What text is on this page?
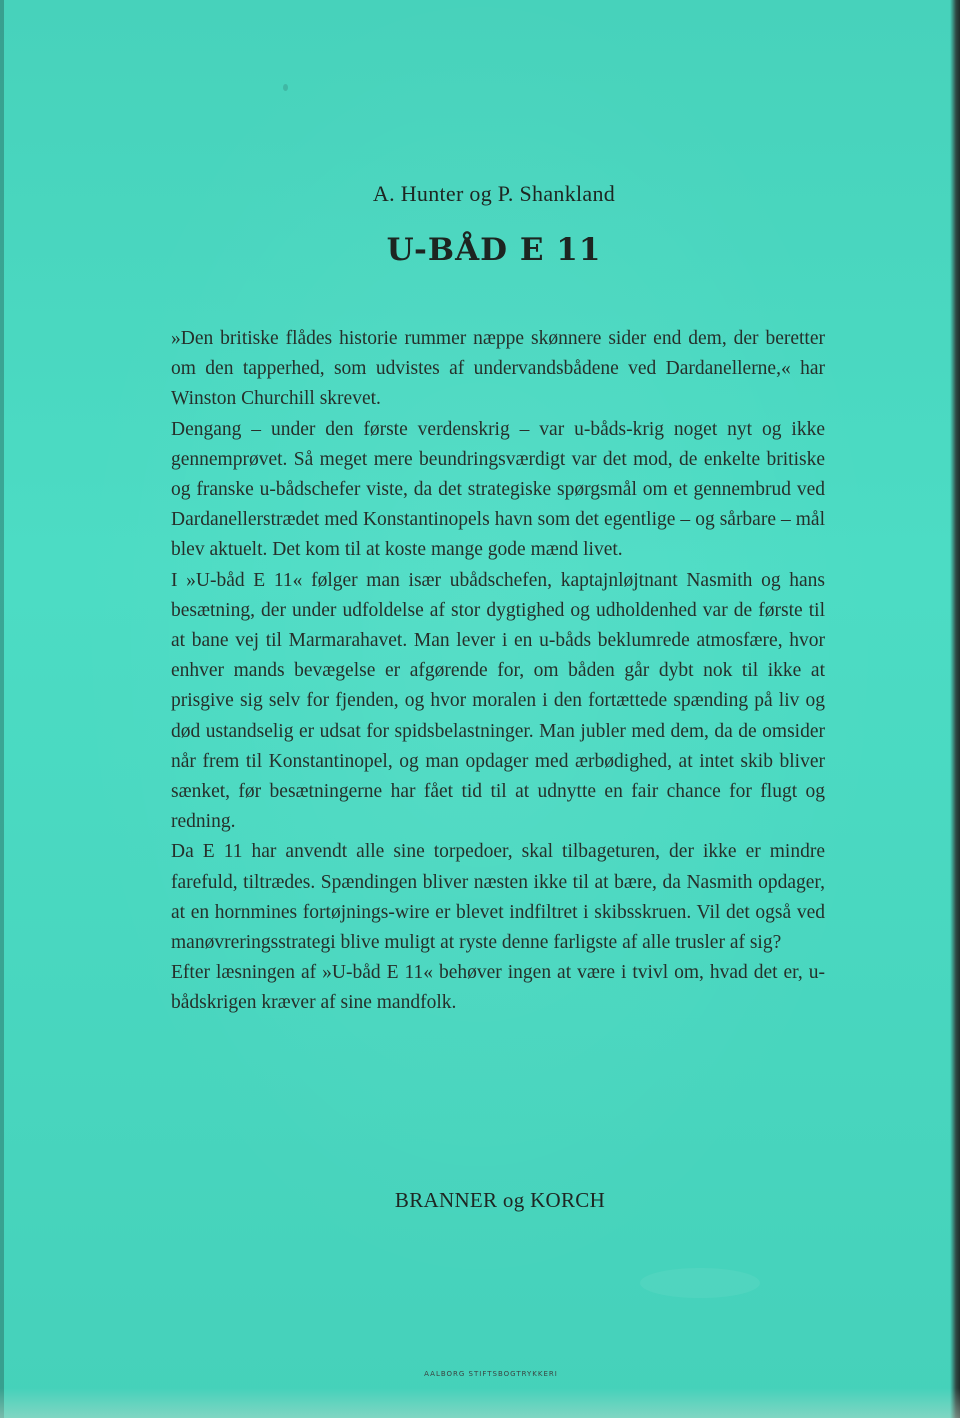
A. Hunter og P. Shankland
U-BÅD E 11

»Den britiske flådes historie rummer næppe skønnere sider end dem, der beretter om den tapperhed, som udvistes af undervandsbådene ved Dardanellerne,« har Winston Churchill skrevet.

Dengang – under den første verdenskrig – var u-båds-krig noget nyt og ikke gennemprøvet. Så meget mere beundringsværdigt var det mod, de enkelte britiske og franske u-bådschefer viste, da det strategiske spørgsmål om et gennembrud ved Dardanellerstrædet med Konstantinopels havn som det egentlige – og sårbare – mål blev aktuelt. Det kom til at koste mange gode mænd livet.

I »U-båd E 11« følger man især ubådschefen, kaptajnløjtnant Nasmith og hans besætning, der under udfoldelse af stor dygtighed og udholdenhed var de første til at bane vej til Marmarahavet. Man lever i en u-båds beklumrede atmosfære, hvor enhver mands bevægelse er afgørende for, om båden går dybt nok til ikke at prisgive sig selv for fjenden, og hvor moralen i den fortættede spænding på liv og død ustandselig er udsat for spidsbelastninger. Man jubler med dem, da de omsider når frem til Konstantinopel, og man opdager med ærbødighed, at intet skib bliver sænket, før besætningerne har fået tid til at udnytte en fair chance for flugt og redning.

Da E 11 har anvendt alle sine torpedoer, skal tilbageturen, der ikke er mindre farefuld, tiltrædes. Spændingen bliver næsten ikke til at bære, da Nasmith opdager, at en hornmines fortøjnings-wire er blevet indfiltret i skibsskruen. Vil det også ved manøvreringsstrategi blive muligt at ryste denne farligste af alle trusler af sig?

Efter læsningen af »U-båd E 11« behøver ingen at være i tvivl om, hvad det er, u-bådskrigen kræver af sine mandfolk.

BRANNER og KORCH
AALBORG STIFTSBOGTRYKKERI
